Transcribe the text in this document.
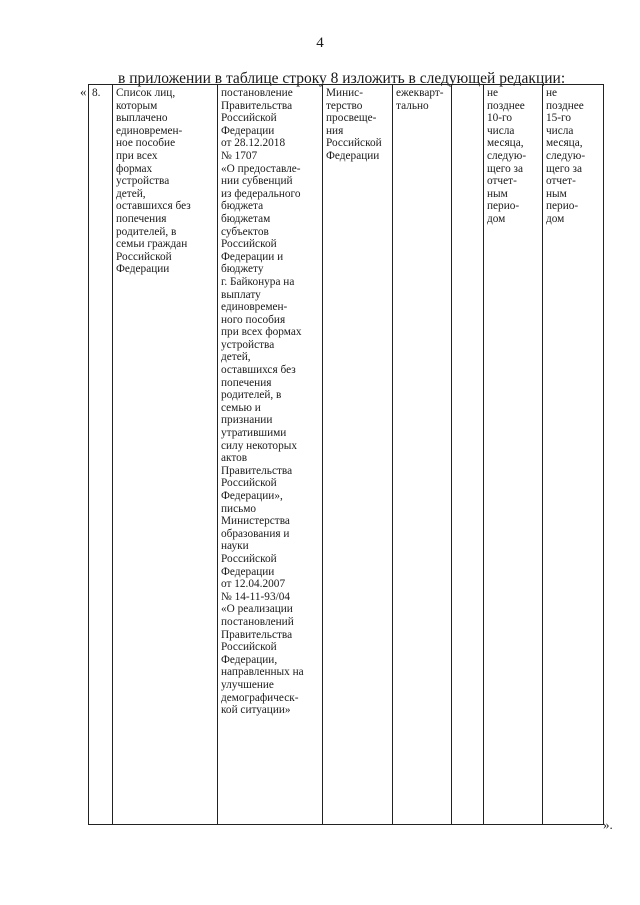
4
в приложении в таблице строку 8 изложить в следующей редакции:
« 8.	Список лиц,
которым
выплачено
единовремен-
ное пособие
при всех
формах
устройства
детей,
оставшихся без
попечения
родителей, в
семьи граждан
Российской
Федерации
постановление
Правительства
Российской
Федерации
от 28.12.2018
№ 1707
«О предоставле-
нии субвенций
из федерального
бюджета
бюджетам
субъектов
Российской
Федерации и
бюджету
г. Байконура на
выплату
единовремен-
ного пособия
при всех формах
устройства
детей,
оставшихся без
попечения
родителей, в
семью и
признании
утратившими
силу некоторых
актов
Правительства
Российской
Федерации»,
письмо
Министерства
образования и
науки
Российской
Федерации
от 12.04.2007
№ 14-11-93/04
«О реализации
постановлений
Правительства
Российской
Федерации,
направленных на
улучшение
демографическ-
кой ситуации»
Минис-
терство
просвеще-
ния
Российской
Федерации
ежекварт-
тально
не
позднее
10-го
числа
месяца,
следую-
щего за
отчет-
ным
перио-
дом
не
позднее
15-го
числа
месяца,
следую-
щего за
отчет-
ным
перио-
дом
».
